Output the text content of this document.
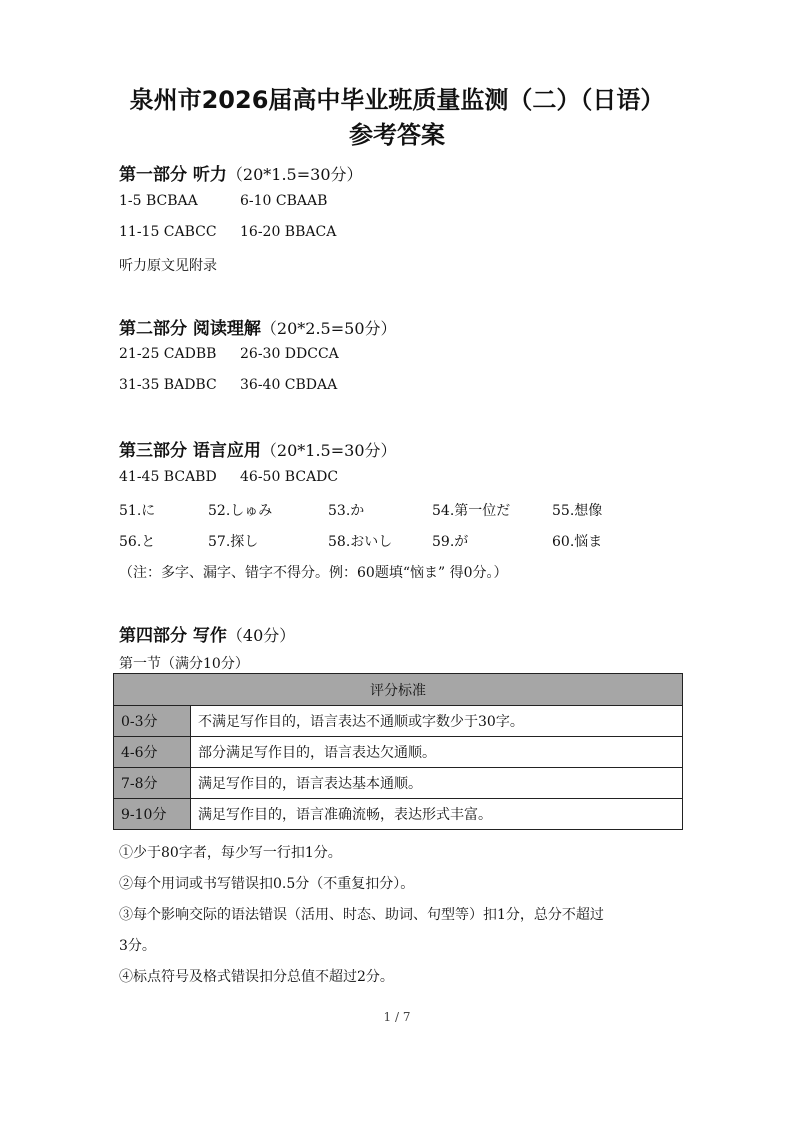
泉州市2026届高中毕业班质量监测（二）（日语）
参考答案
第一部分 听力（20*1.5=30分）
1-5 BCBAA	6-10 CBAAB
11-15 CABCC 16-20 BBACA
听力原文见附录
第二部分 阅读理解（20*2.5=50分）
21-25 CADBB 26-30 DDCCA
31-35 BADBC 36-40 CBDAA
第三部分 语言应用（20*1.5=30分）
41-45 BCABD 46-50 BCADC
51.に	52.しゅみ	53.か	54.第一位だ	55.想像
56.と	57.探し	58.おいし	59.が	60.悩ま
（注：多字、漏字、错字不得分。例：60题填“恼ま” 得0分。）
第四部分 写作（40分）
第一节（满分10分）
评分标准	
0-3分	不满足写作目的，语言表达不通顺或字数少于30字。
4-6分	部分满足写作目的，语言表达欠通顺。
7-8分	满足写作目的，语言表达基本通顺。
9-10分	满足写作目的，语言准确流畅，表达形式丰富。
①少于80字者，每少写一行扣1分。
②每个用词或书写错误扣0.5分（不重复扣分）。
③每个影响交际的语法错误（活用、时态、助词、句型等）扣1分，总分不超过
3分。
④标点符号及格式错误扣分总值不超过2分。
1 / 7
